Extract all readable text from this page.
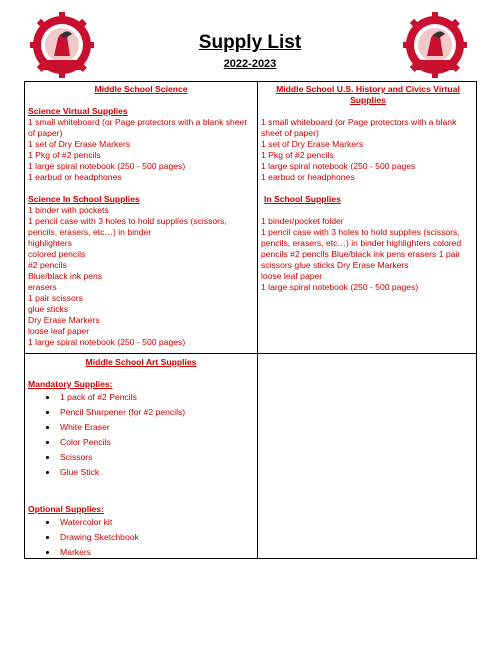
Supply List
2022-2023
Middle School Science

Science Virtual Supplies

1 small whiteboard (or Page protectors with a blank sheet of paper)

1 set of Dry Erase Markers

1 Pkg of #2 pencils

1 large spiral notebook (250 - 500 pages)

1 earbud or headphones

Science In School Supplies

1 binder with pockets

1 pencil case with 3 holes to hold supplies (scissors, pencils, erasers, etc…) in binder

highlighters

colored pencils

#2 pencils

Blue/black ink pens

erasers

1 pair scissors

glue sticks

Dry Erase Markers

loose leaf paper

1 large spiral notebook (250 - 500 pages)

Middle School U.S. History and Civics Virtual Supplies

1 small whiteboard (or Page protectors with a blank sheet of paper)

1 set of Dry Erase Markers

1 Pkg of #2 pencils

1 large spiral notebook (250 - 500 pages

1 earbud or headphones

In School Supplies

1 binder/pocket folder

1 pencil case with 3 holes to hold supplies (scissors, pencils, erasers, etc…) in binder highlighters colored pencils #2 pencils Blue/black ink pens erasers 1 pair scissors glue sticks Dry Erase Markers

loose leaf paper

1 large spiral notebook (250 - 500 pages)

Middle School Art Supplies

Mandatory Supplies:

• 1 pack of #2 Pencils
• Pencil Sharpener (for #2 pencils)
• White Eraser
• Color Pencils
• Scissors
• Glue Stick

Optional Supplies:

• Watercolor kit
• Drawing Sketchbook
• Markers
